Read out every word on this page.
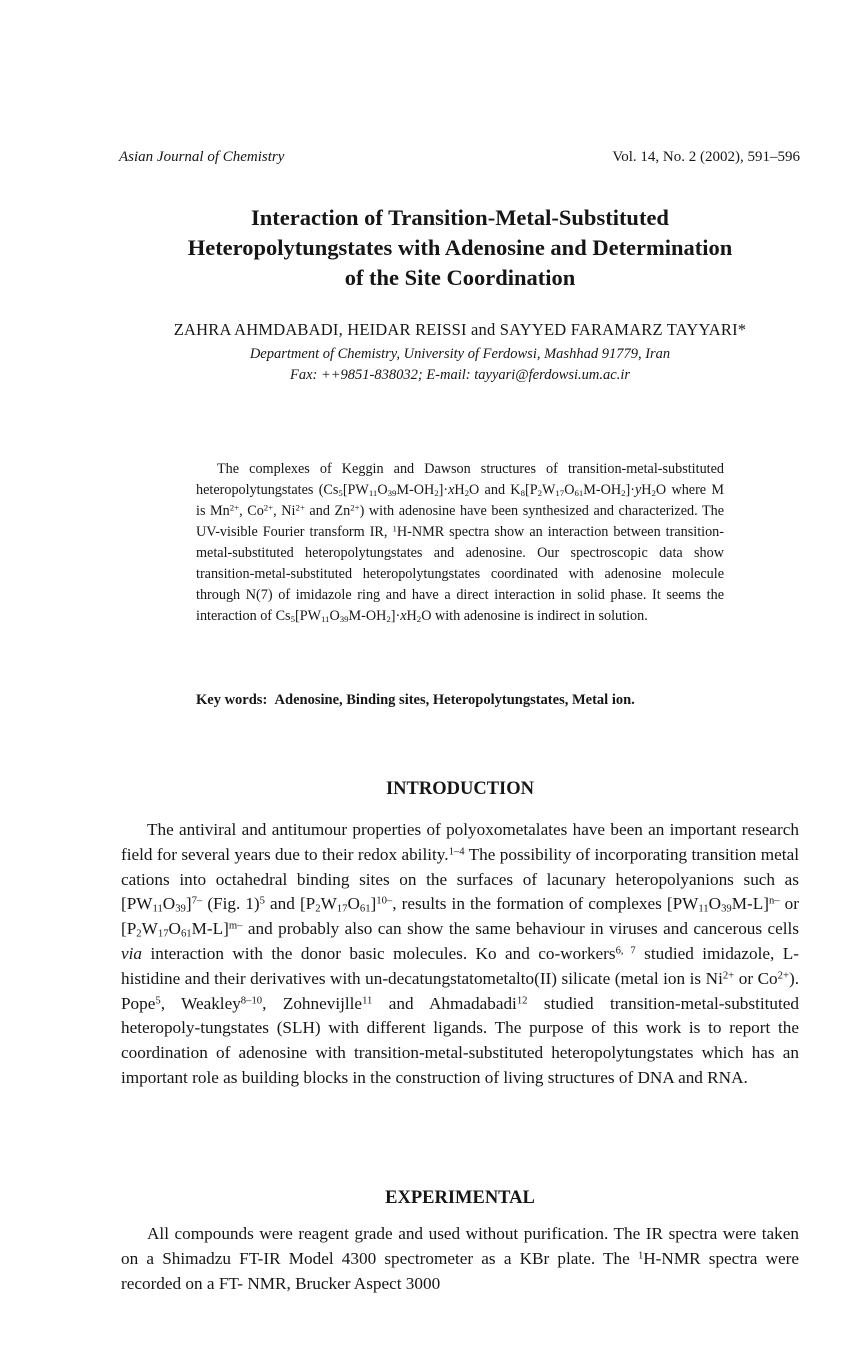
Asian Journal of Chemistry	Vol. 14, No. 2 (2002), 591–596
Interaction of Transition-Metal-Substituted
Heteropolytungstates with Adenosine and Determination
of the Site Coordination
ZAHRA AHMDABADI, HEIDAR REISSI and SAYYED FARAMARZ TAYYARI*
Department of Chemistry, University of Ferdowsi, Mashhad 91779, Iran
Fax: ++9851-838032; E-mail: tayyari@ferdowsi.um.ac.ir

The complexes of Keggin and Dawson structures of transition-metal-substituted heteropolytungstates ($Cs_5[PW_{11}O_{39}M-OH_2]\cdot xH_2O$ and $K_8[P_2W_{17}O_{61}M-OH_2]\cdot yH_2O$ where M is $Mn^{2+}$, $Co^{2+}$, $Ni^{2+}$ and $Zn^{2+}$) with adenosine have been synthesized and characterized. The UV-visible Fourier transform IR, $^1$H-NMR spectra show an interaction between transition-metal-substituted heteropolytungstates and adenosine. Our spectroscopic data show transition-metal-substituted heteropolytungstates coordinated with adenosine molecule through N(7) of imidazole ring and have a direct interaction in solid phase. It seems the interaction of $Cs_5[PW_{11}O_{39}M-OH_2]\cdot xH_2O$ with adenosine is indirect in solution.

Key words: Adenosine, Binding sites, Heteropolytungstates, Metal ion.
INTRODUCTION

The antiviral and antitumour properties of polyoxometalates have been an important research field for several years due to their redox ability.$^{1-4}$ The possibility of incorporating transition metal cations into octahedral binding sites on the surfaces of lacunary heteropolyanions such as $[PW_{11}O_{39}]^{7-}$ (Fig. 1)$^5$ and $[P_2W_{17}O_{61}]^{10-}$, results in the formation of complexes $[PW_{11}O_{39}M-L]^{n-}$ or $[P_2W_{17}O_{61}M-L]^{m-}$ and probably also can show the same behaviour in viruses and cancerous cells via interaction with the donor basic molecules. Ko and co-workers$^{6, 7}$ studied imidazole, L-histidine and their derivatives with un-decatungstatometalto(II) silicate (metal ion is $Ni^{2+}$ or $Co^{2+}$). Pope$^5$, Weakley$^{8-10}$, Zohnevijlle$^{11}$ and Ahmadabadi$^{12}$ studied transition-metal-substituted heteropoly-tungstates (SLH) with different ligands. The purpose of this work is to report the coordination of adenosine with transition-metal-substituted heteropolytungstates which has an important role as building blocks in the construction of living structures of DNA and RNA.

EXPERIMENTAL

All compounds were reagent grade and used without purification. The IR spectra were taken on a Shimadzu FT-IR Model 4300 spectrometer as a KBr plate. The $^1$H-NMR spectra were recorded on a FT- NMR, Brucker Aspect 3000
